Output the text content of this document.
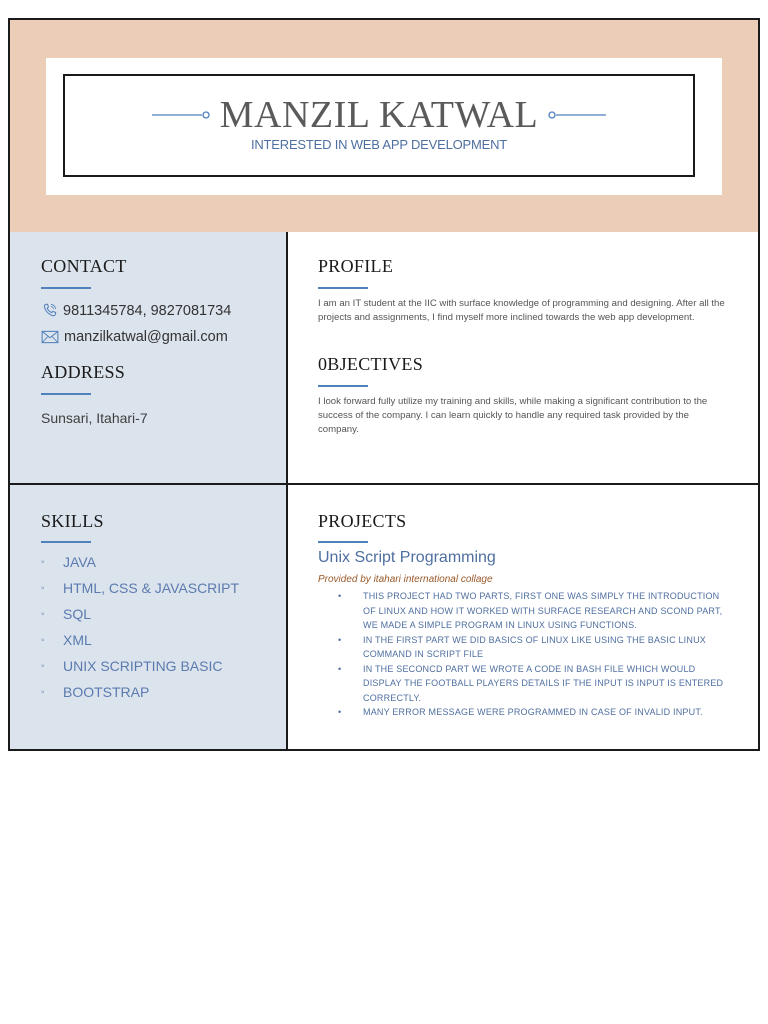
MANZIL KATWAL
INTERESTED IN WEB APP DEVELOPMENT
CONTACT
9811345784, 9827081734
manzilkatwal@gmail.com
ADDRESS
Sunsari, Itahari-7
PROFILE

I am an IT student at the IIC with surface knowledge of programming and designing. After all the projects and assignments, I find myself more inclined towards the web app development.

0BJECTIVES

I look forward fully utilize my training and skills, while making a significant contribution to the success of the company. I can learn quickly to handle any required task provided by the company.

SKILLS
◦	JAVA
◦	HTML, CSS & JAVASCRIPT
◦	SQL
◦	XML
◦	UNIX SCRIPTING BASIC
◦	BOOTSTRAP
PROJECTS
Unix Script Programming
Provided by itahari international collage
• THIS PROJECT HAD TWO PARTS, FIRST ONE WAS SIMPLY THE INTRODUCTION OF LINUX AND HOW IT WORKED WITH SURFACE RESEARCH AND SCOND PART, WE MADE A SIMPLE PROGRAM IN LINUX USING FUNCTIONS.
• IN THE FIRST PART WE DID BASICS OF LINUX LIKE USING THE BASIC LINUX COMMAND IN SCRIPT FILE
• IN THE SECONCD PART WE WROTE A CODE IN BASH FILE WHICH WOULD DISPLAY THE FOOTBALL PLAYERS DETAILS IF THE INPUT IS INPUT IS ENTERED CORRECTLY.
• MANY ERROR MESSAGE WERE PROGRAMMED IN CASE OF INVALID INPUT.
